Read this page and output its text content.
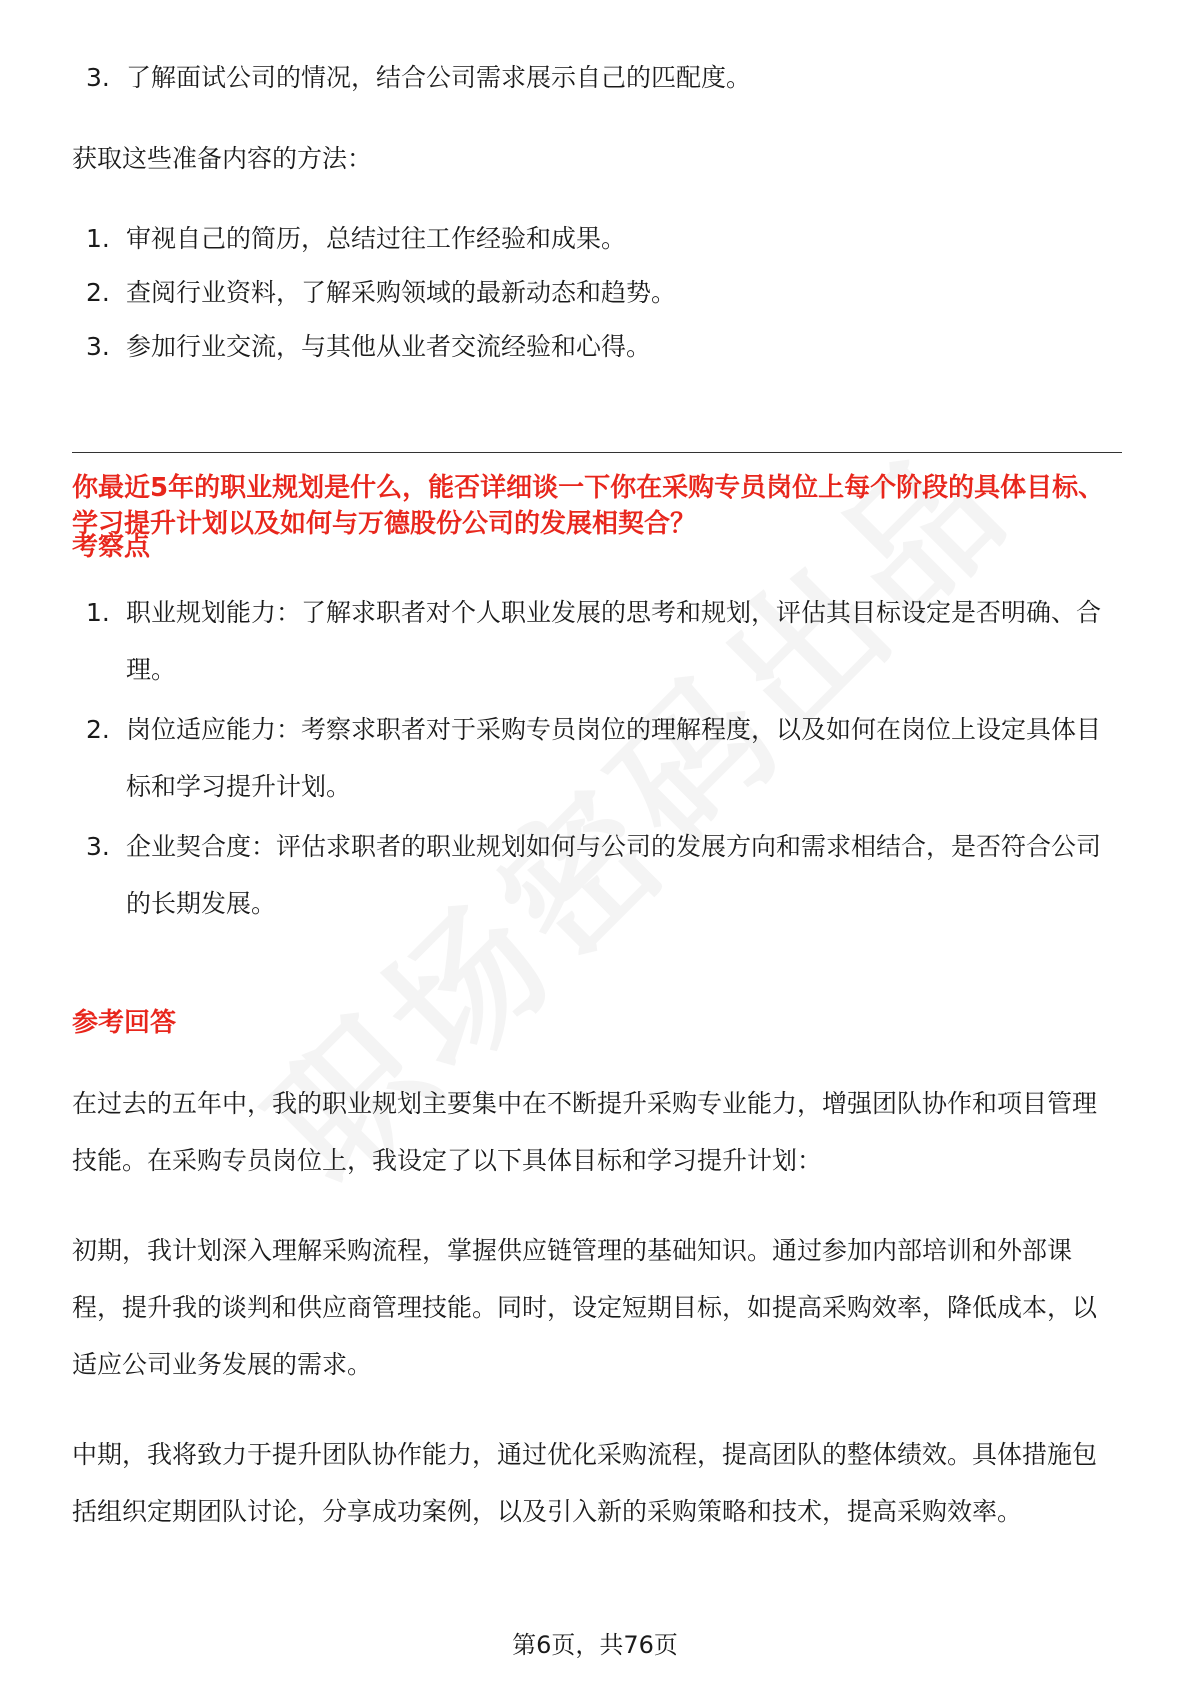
3. 了解面试公司的情况，结合公司需求展示自己的匹配度。
获取这些准备内容的方法：
1. 审视自己的简历，总结过往工作经验和成果。
2. 查阅行业资料，了解采购领域的最新动态和趋势。
3. 参加行业交流，与其他从业者交流经验和心得。
你最近5年的职业规划是什么，能否详细谈一下你在采购专员岗位上每个阶段的具体目标、学习提升计划以及如何与万德股份公司的发展相契合？
考察点
1. 职业规划能力：了解求职者对个人职业发展的思考和规划，评估其目标设定是否明确、合理。
2. 岗位适应能力：考察求职者对于采购专员岗位的理解程度，以及如何在岗位上设定具体目标和学习提升计划。
3. 企业契合度：评估求职者的职业规划如何与公司的发展方向和需求相结合，是否符合公司的长期发展。
参考回答
在过去的五年中，我的职业规划主要集中在不断提升采购专业能力，增强团队协作和项目管理技能。在采购专员岗位上，我设定了以下具体目标和学习提升计划：
初期，我计划深入理解采购流程，掌握供应链管理的基础知识。通过参加内部培训和外部课程，提升我的谈判和供应商管理技能。同时，设定短期目标，如提高采购效率，降低成本，以适应公司业务发展的需求。
中期，我将致力于提升团队协作能力，通过优化采购流程，提高团队的整体绩效。具体措施包括组织定期团队讨论，分享成功案例，以及引入新的采购策略和技术，提高采购效率。
第6页，共76页
